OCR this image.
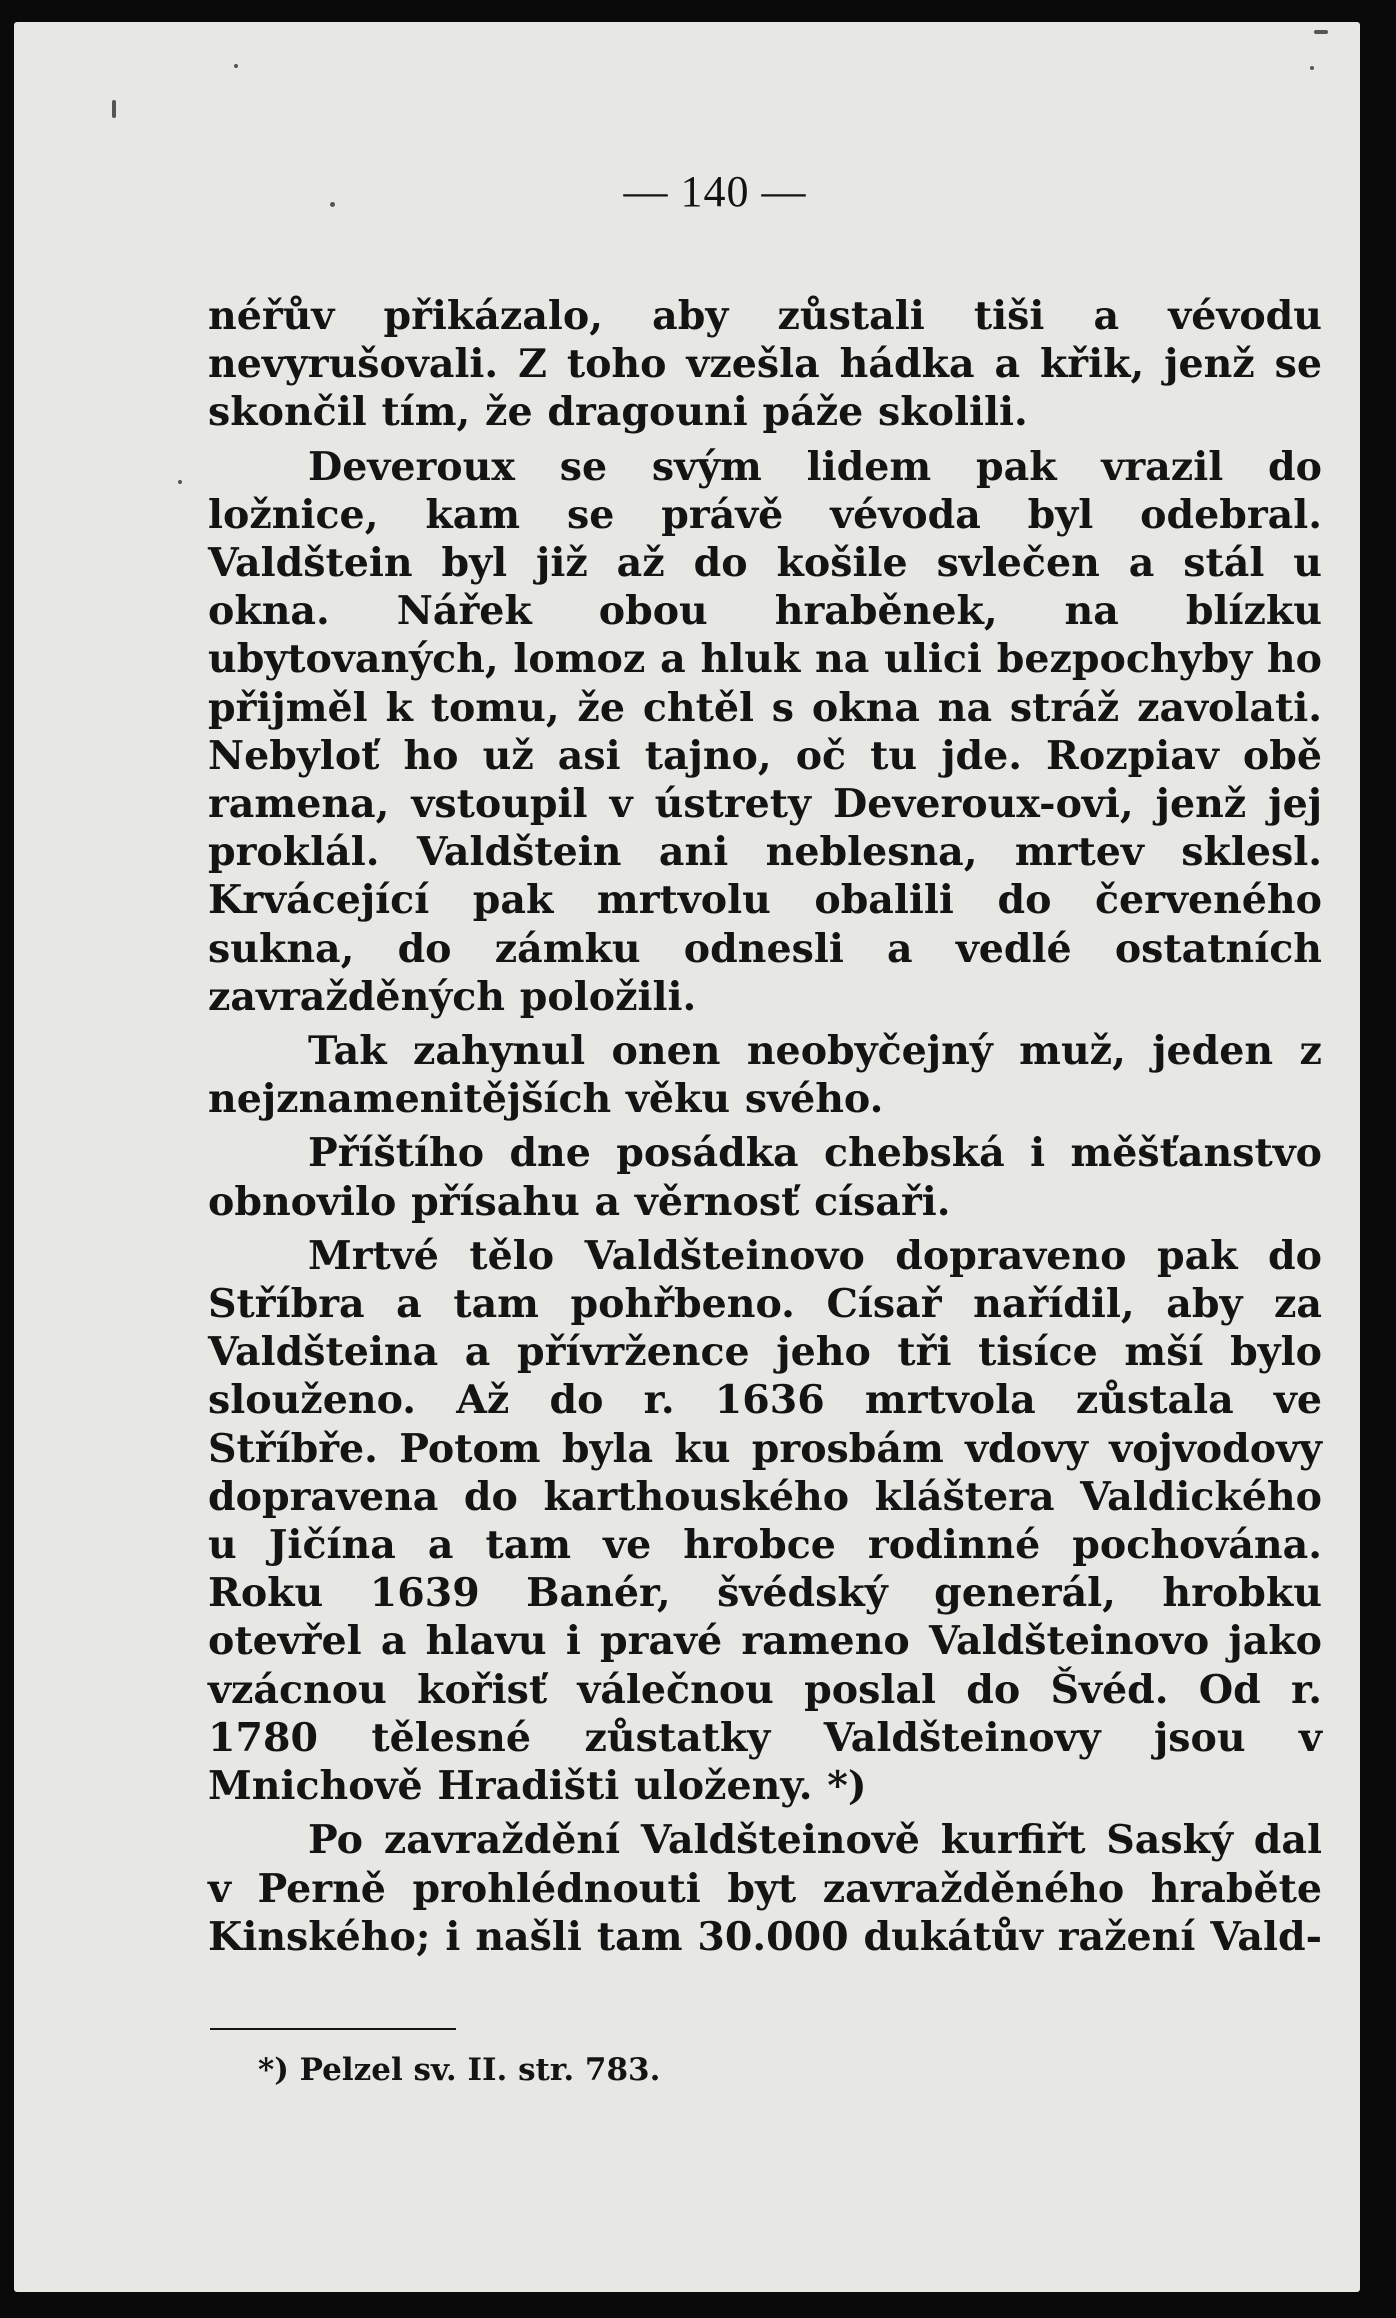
— 140 —

néřův přikázalo, aby zůstali tiši a vévodu nevyrušovali. Z toho vzešla hádka a křik, jenž se skončil tím, že dragouni páže skolili.

Deveroux se svým lidem pak vrazil do ložnice, kam se právě vévoda byl odebral. Valdštein byl již až do košile svlečen a stál u okna. Nářek obou hraběnek, na blízku ubytovaných, lomoz a hluk na ulici bezpochyby ho přijměl k tomu, že chtěl s okna na stráž zavolati. Nebyloť ho už asi tajno, oč tu jde. Rozpiav obě ramena, vstoupil v ústrety Deveroux-ovi, jenž jej proklál. Valdštein ani neblesna, mrtev sklesl. Krvácející pak mrtvolu obalili do červeného sukna, do zámku odnesli a vedlé ostatních zavražděných položili.

Tak zahynul onen neobyčejný muž, jeden z nejznamenitějších věku svého.

Příštího dne posádka chebská i měšťanstvo obnovilo přísahu a věrnosť císaři.

Mrtvé tělo Valdšteinovo dopraveno pak do Stříbra a tam pohřbeno. Císař nařídil, aby za Valdšteina a přívržence jeho tři tisíce mší bylo slouženo. Až do r. 1636 mrtvola zůstala ve Stříbře. Potom byla ku prosbám vdovy vojvodovy dopravena do karthouského kláštera Valdického u Jičína a tam ve hrobce rodinné pochována. Roku 1639 Banér, švédský generál, hrobku otevřel a hlavu i pravé rameno Valdšteinovo jako vzácnou kořisť válečnou poslal do Švéd. Od r. 1780 tělesné zůstatky Valdšteinovy jsou v Mnichově Hradišti uloženy. *)

Po zavraždění Valdšteinově kurfiřt Saský dal v Perně prohlédnouti byt zavražděného hraběte Kinského; i našli tam 30.000 dukátův ražení Vald-

*) Pelzel sv. II. str. 783.
